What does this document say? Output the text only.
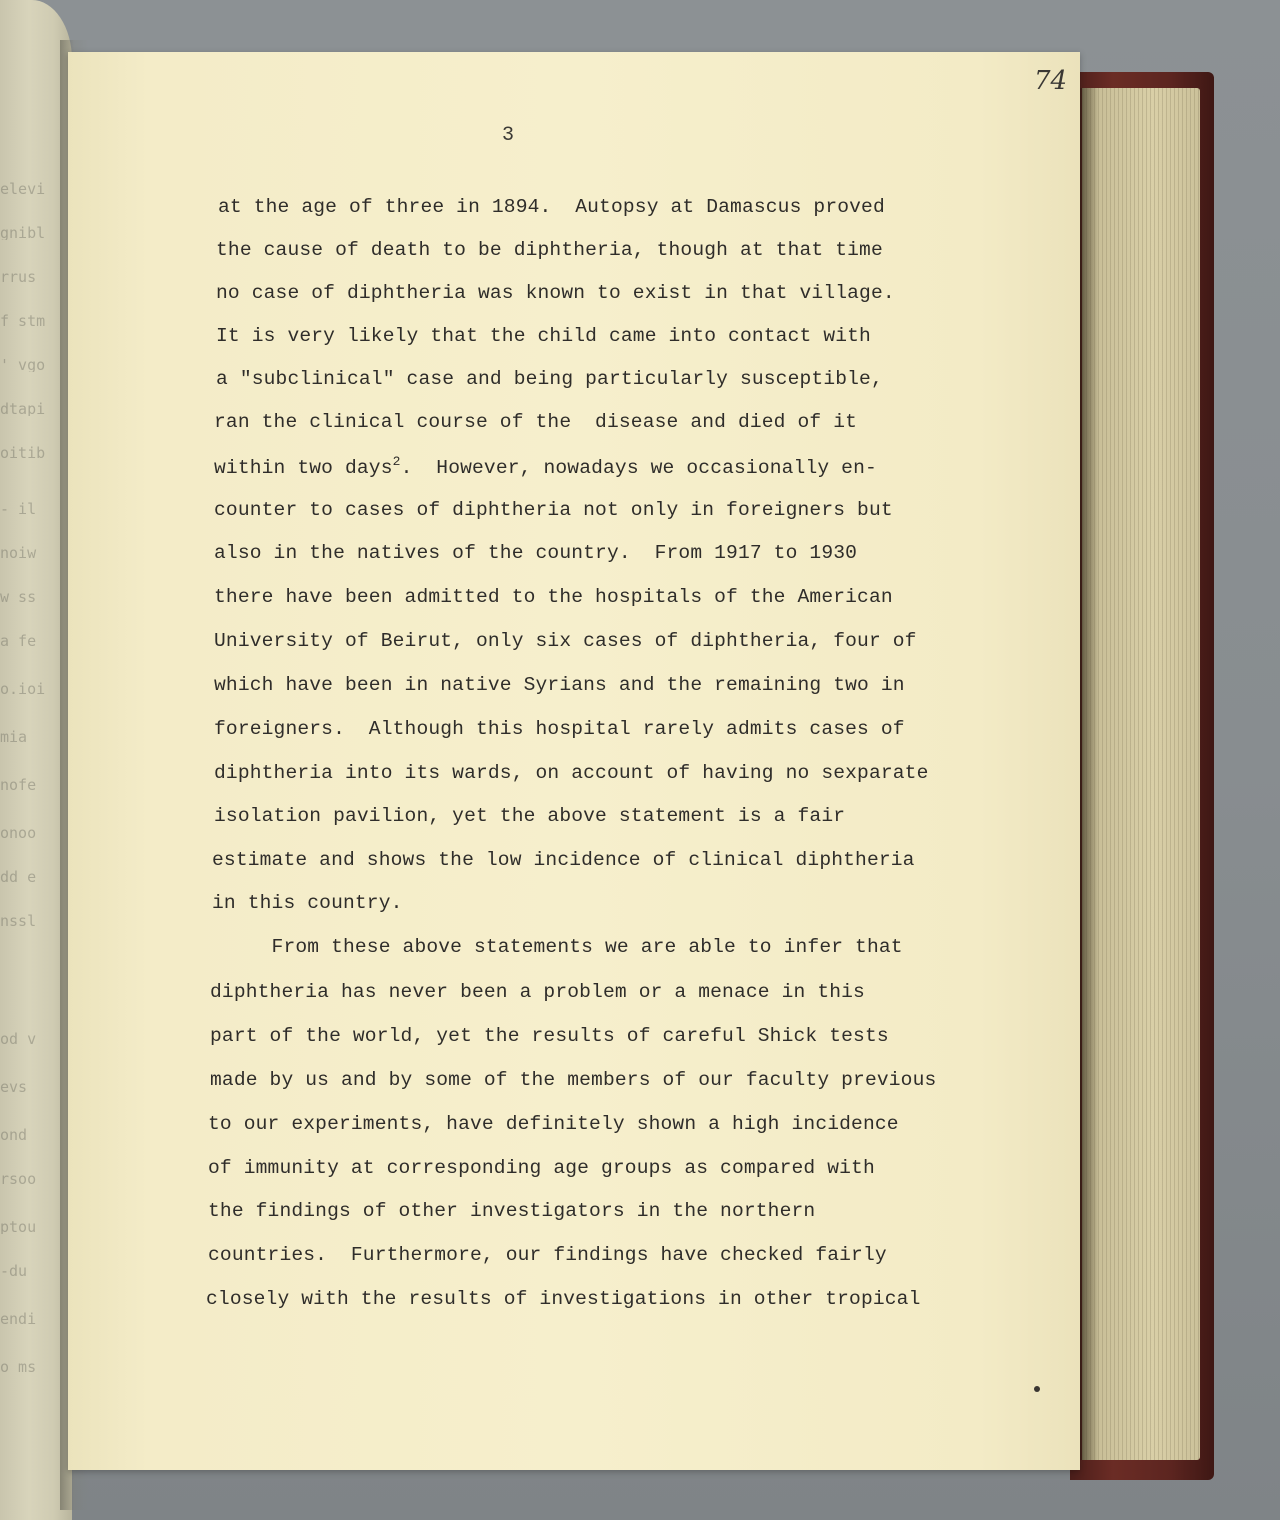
elevi
gnibl
rrus
f stm
' vgo
dtapi
oitib
- il
noiw
w ss
a fe
o.ioi
mia
nofe
onoo
dd e
nssl
od v
evs
ond
rsoo
ptou
-du
endi
o ms

3
at the age of three in 1894.  Autopsy at Damascus proved
the cause of death to be diphtheria, though at that time
no case of diphtheria was known to exist in that village.
It is very likely that the child came into contact with
a "subclinical" case and being particularly susceptible,
ran the clinical course of the  disease and died of it
within two days$^2$.  However, nowadays we occasionally en-
counter to cases of diphtheria not only in foreigners but
also in the natives of the country.  From 1917 to 1930
there have been admitted to the hospitals of the American
University of Beirut, only six cases of diphtheria, four of
which have been in native Syrians and the remaining two in
foreigners.  Although this hospital rarely admits cases of
diphtheria into its wards, on account of having no sexparate
isolation pavilion, yet the above statement is a fair
estimate and shows the low incidence of clinical diphtheria
in this country.
From these above statements we are able to infer that
diphtheria has never been a problem or a menace in this
part of the world, yet the results of careful Shick tests
made by us and by some of the members of our faculty previous
to our experiments, have definitely shown a high incidence
of immunity at corresponding age groups as compared with
the findings of other investigators in the northern
countries.  Furthermore, our findings have checked fairly
closely with the results of investigations in other tropical
74
